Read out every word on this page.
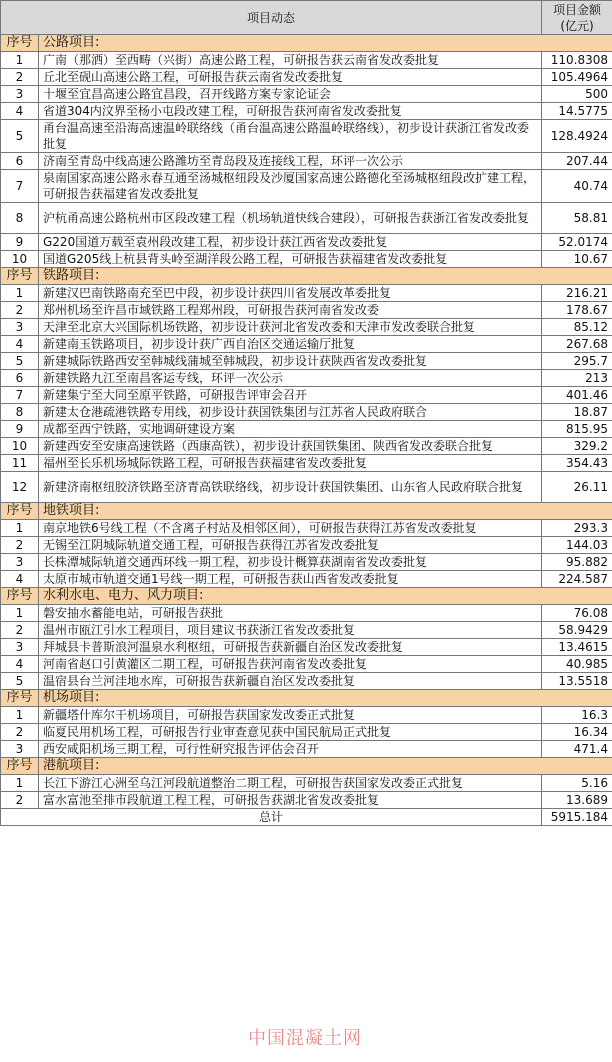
项目动态		项目金额
(亿元)

序号	公路项目:	
1	广南（那洒）至西畴（兴街）高速公路工程，可研报告获云南省发改委批复	110.8308
2	丘北至砚山高速公路工程，可研报告获云南省发改委批复	105.4964
3	十堰至宜昌高速公路宜昌段，召开线路方案专家论证会	500
4	省道304内汶界至杨小屯段改建工程，可研报告获河南省发改委批复	14.5775
5	甬台温高速至沿海高速温岭联络线（甬台温高速公路温岭联络线），初步设计获浙江省发改委批复	128.4924
6	济南至青岛中线高速公路潍坊至青岛段及连接线工程，环评一次公示	207.44
7	泉南国家高速公路永春互通至汤城枢纽段及沙厦国家高速公路德化至汤城枢纽段改扩建工程，可研报告获福建省发改委批复	40.74
8	沪杭甬高速公路杭州市区段改建工程（机场轨道快线合建段），可研报告获浙江省发改委批复	58.81
9	G220国道万载至袁州段改建工程，初步设计获江西省发改委批复	52.0174
10	国道G205线上杭县背头岭至湖洋段公路工程，可研报告获福建省发改委批复	10.67
序号	铁路项目:	
1	新建汉巴南铁路南充至巴中段，初步设计获四川省发展改革委批复	216.21
2	郑州机场至许昌市域铁路工程郑州段，可研报告获河南省发改委	178.67
3	天津至北京大兴国际机场铁路，初步设计获河北省发改委和天津市发改委联合批复	85.12
4	新建南玉铁路项目，初步设计获广西自治区交通运输厅批复	267.68
5	新建城际铁路西安至韩城线蒲城至韩城段，初步设计获陕西省发改委批复	295.7
6	新建铁路九江至南昌客运专线，环评一次公示	213
7	新建集宁至大同至原平铁路，可研报告评审会召开	401.46
8	新建太仓港疏港铁路专用线，初步设计获国铁集团与江苏省人民政府联合	18.87
9	成都至西宁铁路，实地调研建设方案	815.95
10	新建西安至安康高速铁路（西康高铁），初步设计获国铁集团、陕西省发改委联合批复	329.2
11	福州至长乐机场城际铁路工程，可研报告获福建省发改委批复	354.43
12	新建济南枢纽胶济铁路至济青高铁联络线，初步设计获国铁集团、山东省人民政府联合批复	26.11
序号	地铁项目:	
1	南京地铁6号线工程（不含离子村站及相邻区间），可研报告获得江苏省发改委批复	293.3
2	无锡至江阴城际轨道交通工程，可研报告获得江苏省发改委批复	144.03
3	长株潭城际轨道交通西环线一期工程，初步设计概算获湖南省发改委批复	95.882
4	太原市城市轨道交通1号线一期工程，可研报告获山西省发改委批复	224.587
序号	水利水电、电力、风力项目:	
1	磐安抽水蓄能电站，可研报告获批	76.08
2	温州市瓯江引水工程项目，项目建议书获浙江省发改委批复	58.9429
3	拜城县卡普斯浪河温泉水利枢纽，可研报告获新疆自治区发改委批复	13.4615
4	河南省赵口引黄灌区二期工程，可研报告获河南省发改委批复	40.985
5	温宿县台兰河洼地水库，可研报告获新疆自治区发改委批复	13.5518
序号	机场项目:	
1	新疆塔什库尔干机场项目，可研报告获国家发改委正式批复	16.3
2	临夏民用机场工程，可研报告行业审查意见获中国民航局正式批复	16.34
3	西安咸阳机场三期工程，可行性研究报告评估会召开	471.4
序号	港航项目:	
1	长江下游江心洲至乌江河段航道整治二期工程，可研报告获国家发改委正式批复	5.16
2	富水富池至排市段航道工程工程，可研报告获湖北省发改委批复	13.689
总计		5915.184
中国混凝土网
